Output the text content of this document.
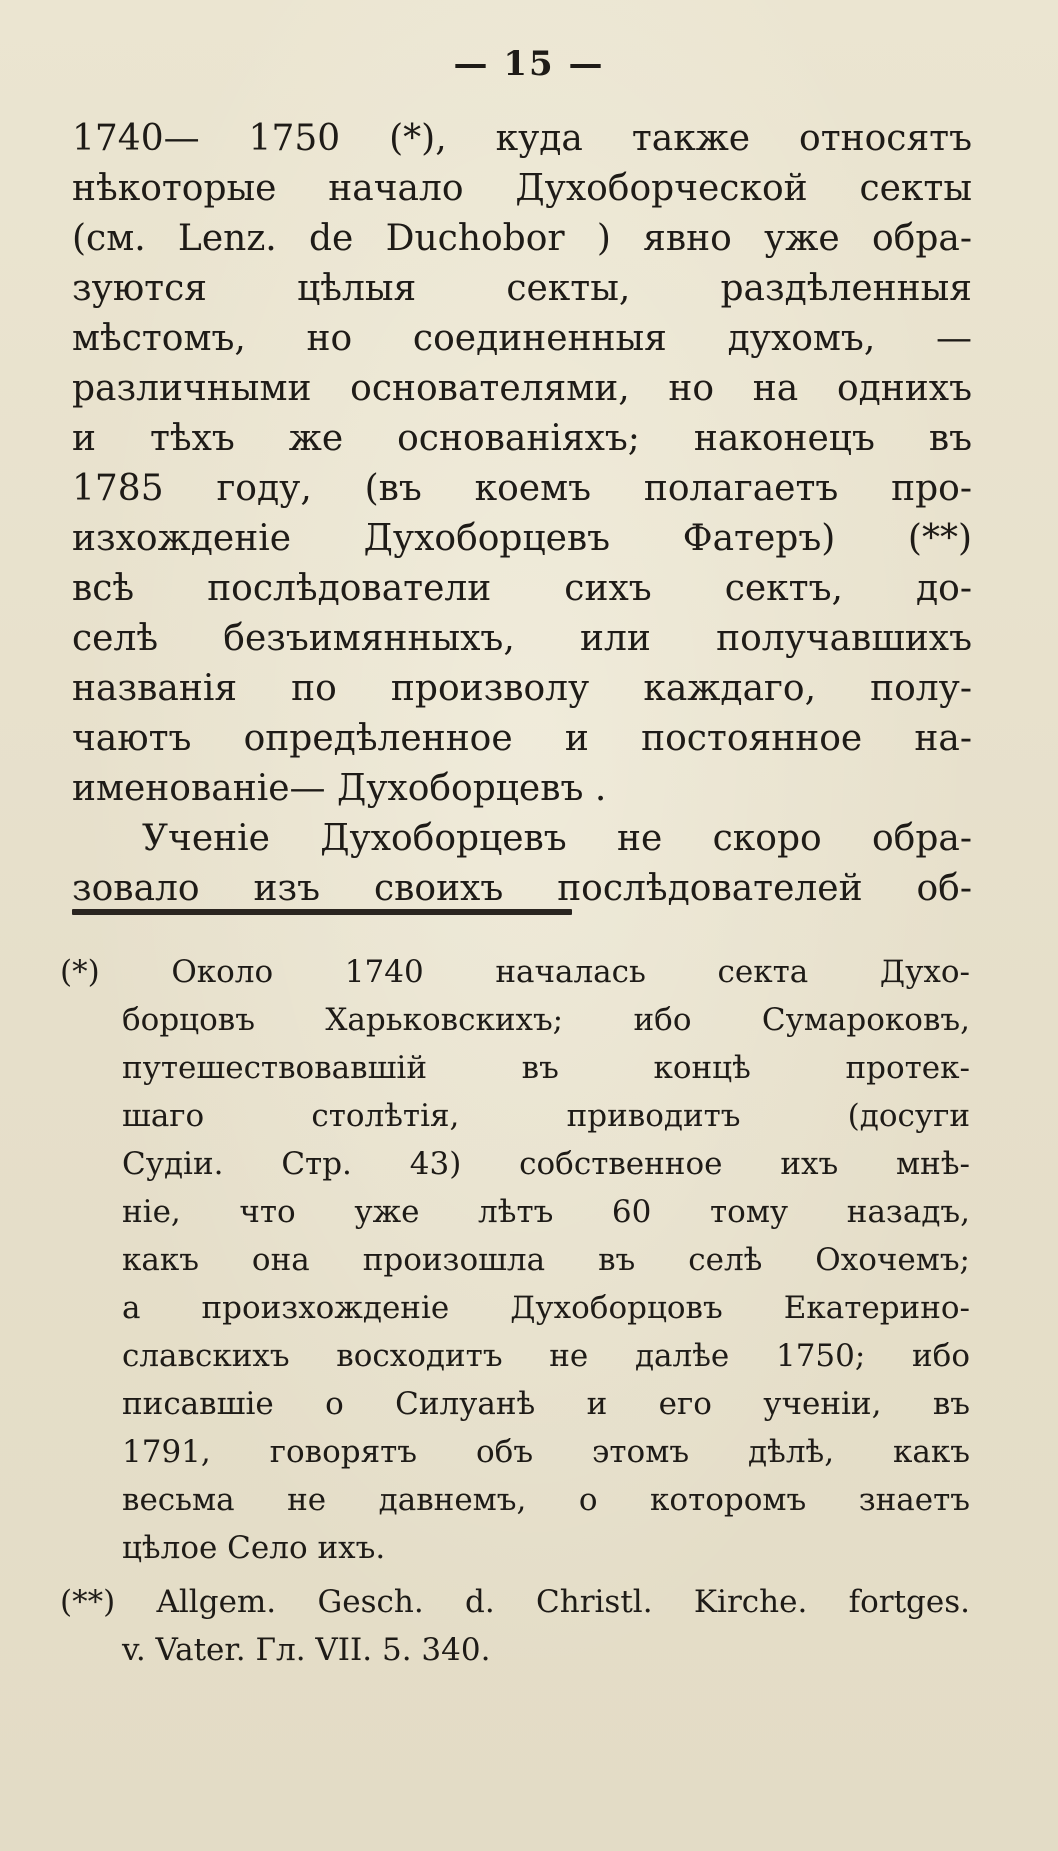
— 15 —
1740— 1750 (*), куда также относятъ
нѣкоторые начало Духоборческой секты
(см. Lenz. de Duchobor ) явно уже обра-
зуются цѣлыя секты, раздѣленныя
мѣстомъ, но соединенныя духомъ, —
различными основателями, но на однихъ
и тѣхъ же основаніяхъ; наконецъ въ
1785 году, (въ коемъ полагаетъ про-
изхожденіе Духоборцевъ Фатеръ) (**)
всѣ послѣдователи сихъ сектъ, до-
селѣ безъимянныхъ, или получавшихъ
названія по произволу каждаго, полу-
чаютъ опредѣленное и постоянное на-
именованіе— Духоборцевъ .
Ученіе Духоборцевъ не скоро обра-
зовало изъ своихъ послѣдователей об-
(*) Около 1740 началась секта Духо-
борцовъ Харьковскихъ; ибо Сумароковъ,
путешествовавшій въ концѣ протек-
шаго столѣтія, приводитъ (досуги
Судіи. Стр. 43) собственное ихъ мнѣ-
ніе, что уже лѣтъ 60 тому назадъ,
какъ она произошла въ селѣ Охочемъ;
а произхожденіе Духоборцовъ Екатерино-
славскихъ восходитъ не далѣе 1750; ибо
писавшіе о Силуанѣ и его ученіи, въ
1791, говорятъ объ этомъ дѣлѣ, какъ
весьма не давнемъ, о которомъ знаетъ
цѣлое Село ихъ.
(**) Allgem. Gesch. d. Christl. Kirche. fortges.
v. Vater. Гл. VII. 5. 340.
